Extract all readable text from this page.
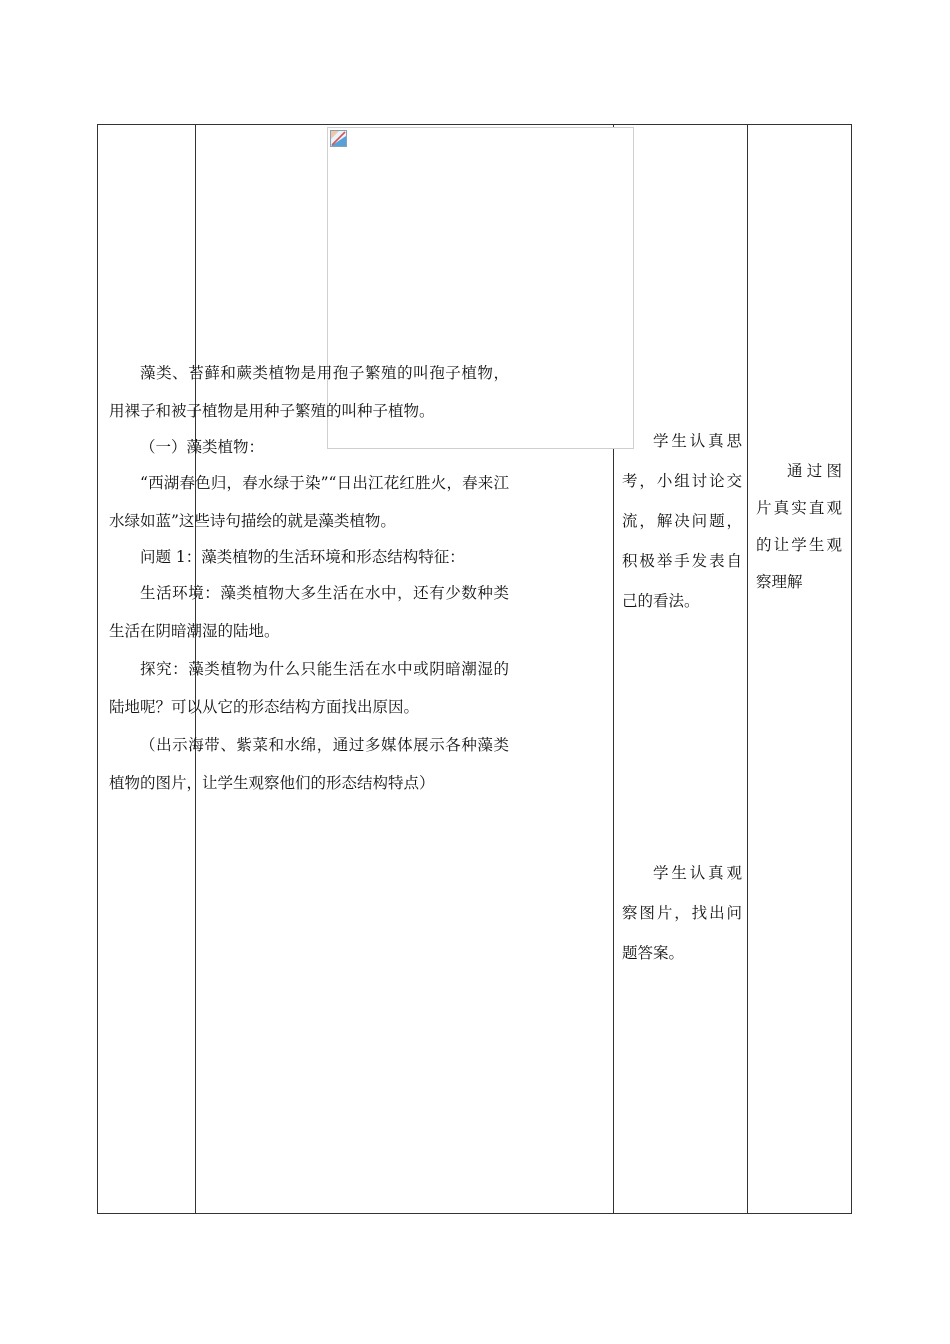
学生认真思考，小组讨论交流，解决问题，积极举手发表自己的看法。
学生认真观察图片，找出问题答案。
通过图片真实直观的让学生观察理解

藻类、苔藓和蕨类植物是用孢子繁殖的叫孢子植物，用裸子和被子植物是用种子繁殖的叫种子植物。

（一）藻类植物：

“西湖春色归，春水绿于染”“日出江花红胜火，春来江水绿如蓝”这些诗句描绘的就是藻类植物。

问题 1：藻类植物的生活环境和形态结构特征：

生活环境：藻类植物大多生活在水中，还有少数种类生活在阴暗潮湿的陆地。

探究：藻类植物为什么只能生活在水中或阴暗潮湿的陆地呢？可以从它的形态结构方面找出原因。

（出示海带、紫菜和水绵，通过多媒体展示各种藻类植物的图片，让学生观察他们的形态结构特点）
